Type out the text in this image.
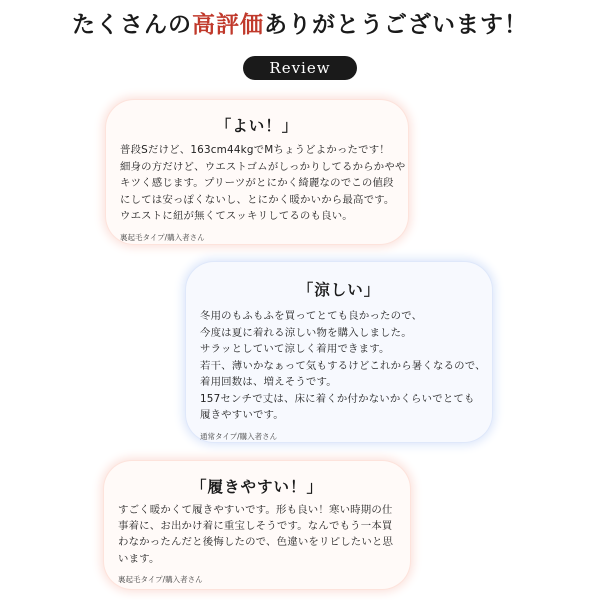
たくさんの高評価ありがとうございます！
Review
「よい！」
普段Sだけど、163cm44kgでMちょうどよかったです！
細身の方だけど、ウエストゴムがしっかりしてるからかやや
キツく感じます。プリーツがとにかく綺麗なのでこの値段
にしては安っぽくないし、とにかく暖かいから最高です。
ウエストに紐が無くてスッキリしてるのも良い。
裏起毛タイプ/購入者さん
「涼しい」
冬用のもふもふを買ってとても良かったので、
今度は夏に着れる涼しい物を購入しました。
サラッとしていて涼しく着用できます。
若干、薄いかなぁって気もするけどこれから暑くなるので、
着用回数は、増えそうです。
157センチで丈は、床に着くか付かないかくらいでとても
履きやすいです。
通常タイプ/購入者さん
「履きやすい！」
すごく暖かくて履きやすいです。形も良い！寒い時期の仕
事着に、お出かけ着に重宝しそうです。なんでもう一本買
わなかったんだと後悔したので、色違いをリピしたいと思
います。
裏起毛タイプ/購入者さん
